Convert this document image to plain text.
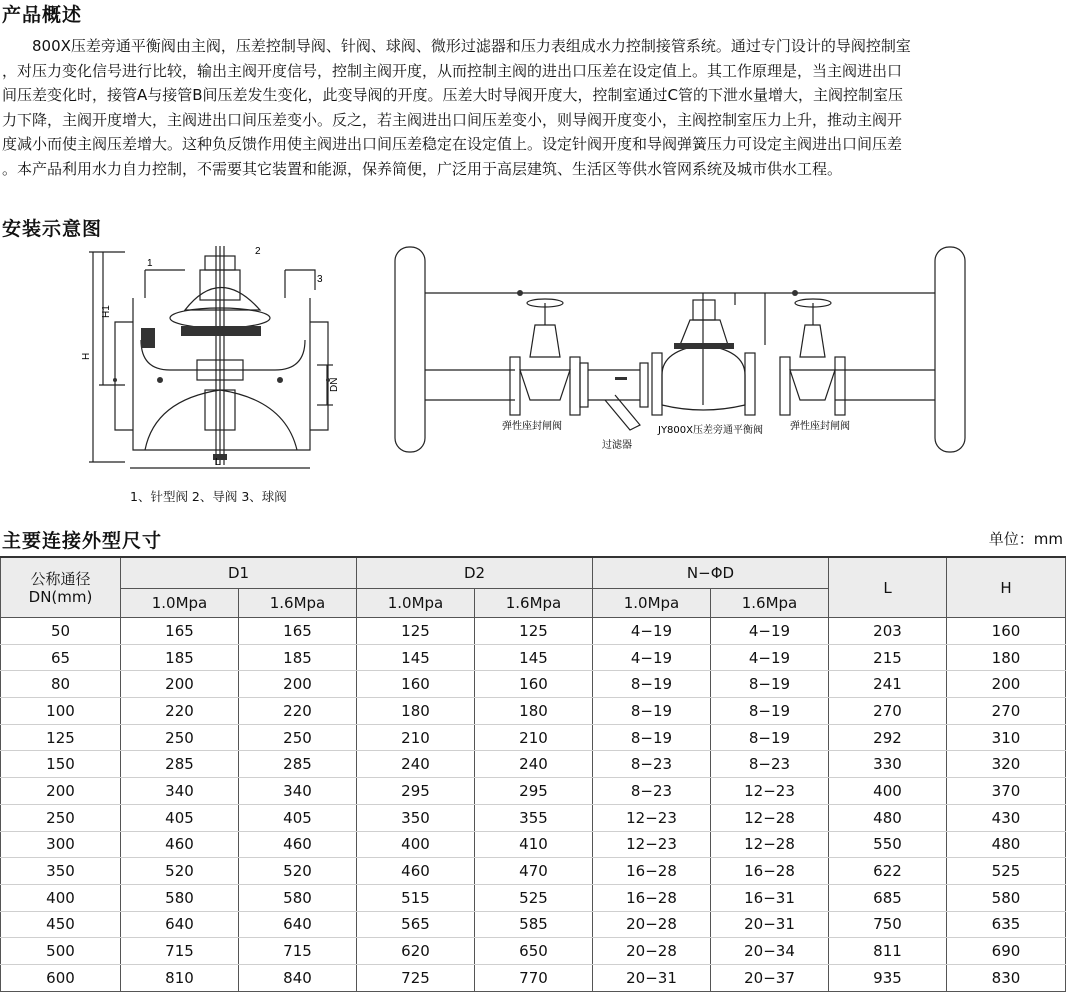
产品概述

　　800X压差旁通平衡阀由主阀，压差控制导阀、针阀、球阀、微形过滤器和压力表组成水力控制接管系统。通过专门设计的导阀控制室

，对压力变化信号进行比较，输出主阀开度信号，控制主阀开度，从而控制主阀的进出口压差在设定值上。其工作原理是，当主阀进出口

间压差变化时，接管A与接管B间压差发生变化，此变导阀的开度。压差大时导阀开度大，控制室通过C管的下泄水量增大，主阀控制室压

力下降，主阀开度增大，主阀进出口间压差变小。反之，若主阀进出口间压差变小，则导阀开度变小，主阀控制室压力上升，推动主阀开

度减小而使主阀压差增大。这种负反馈作用使主阀进出口间压差稳定在设定值上。设定针阀开度和导阀弹簧压力可设定主阀进出口间压差

。本产品利用水力自力控制，不需要其它装置和能源，保养简便，广泛用于高层建筑、生活区等供水管网系统及城市供水工程。

安装示意图
1
2
3
H1
H
DN
L
1、针型阀 2、导阀 3、球阀
弹性座封闸阀
过滤器
JY800X压差旁通平衡阀	弹性座封闸阀
主要连接外型尺寸	单位：mm
公称通径
DN(mm)	D1		D2		N−ΦD		L	H
	1.0Mpa	1.6Mpa	1.0Mpa	1.6Mpa	1.0Mpa	1.6Mpa		
50	165	165	125	125	4−19	4−19	203	160
65	185	185	145	145	4−19	4−19	215	180
80	200	200	160	160	8−19	8−19	241	200
100	220	220	180	180	8−19	8−19	270	270
125	250	250	210	210	8−19	8−19	292	310
150	285	285	240	240	8−23	8−23	330	320
200	340	340	295	295	8−23	12−23	400	370
250	405	405	350	355	12−23	12−28	480	430
300	460	460	400	410	12−23	12−28	550	480
350	520	520	460	470	16−28	16−28	622	525
400	580	580	515	525	16−28	16−31	685	580
450	640	640	565	585	20−28	20−31	750	635
500	715	715	620	650	20−28	20−34	811	690
600	810	840	725	770	20−31	20−37	935	830
